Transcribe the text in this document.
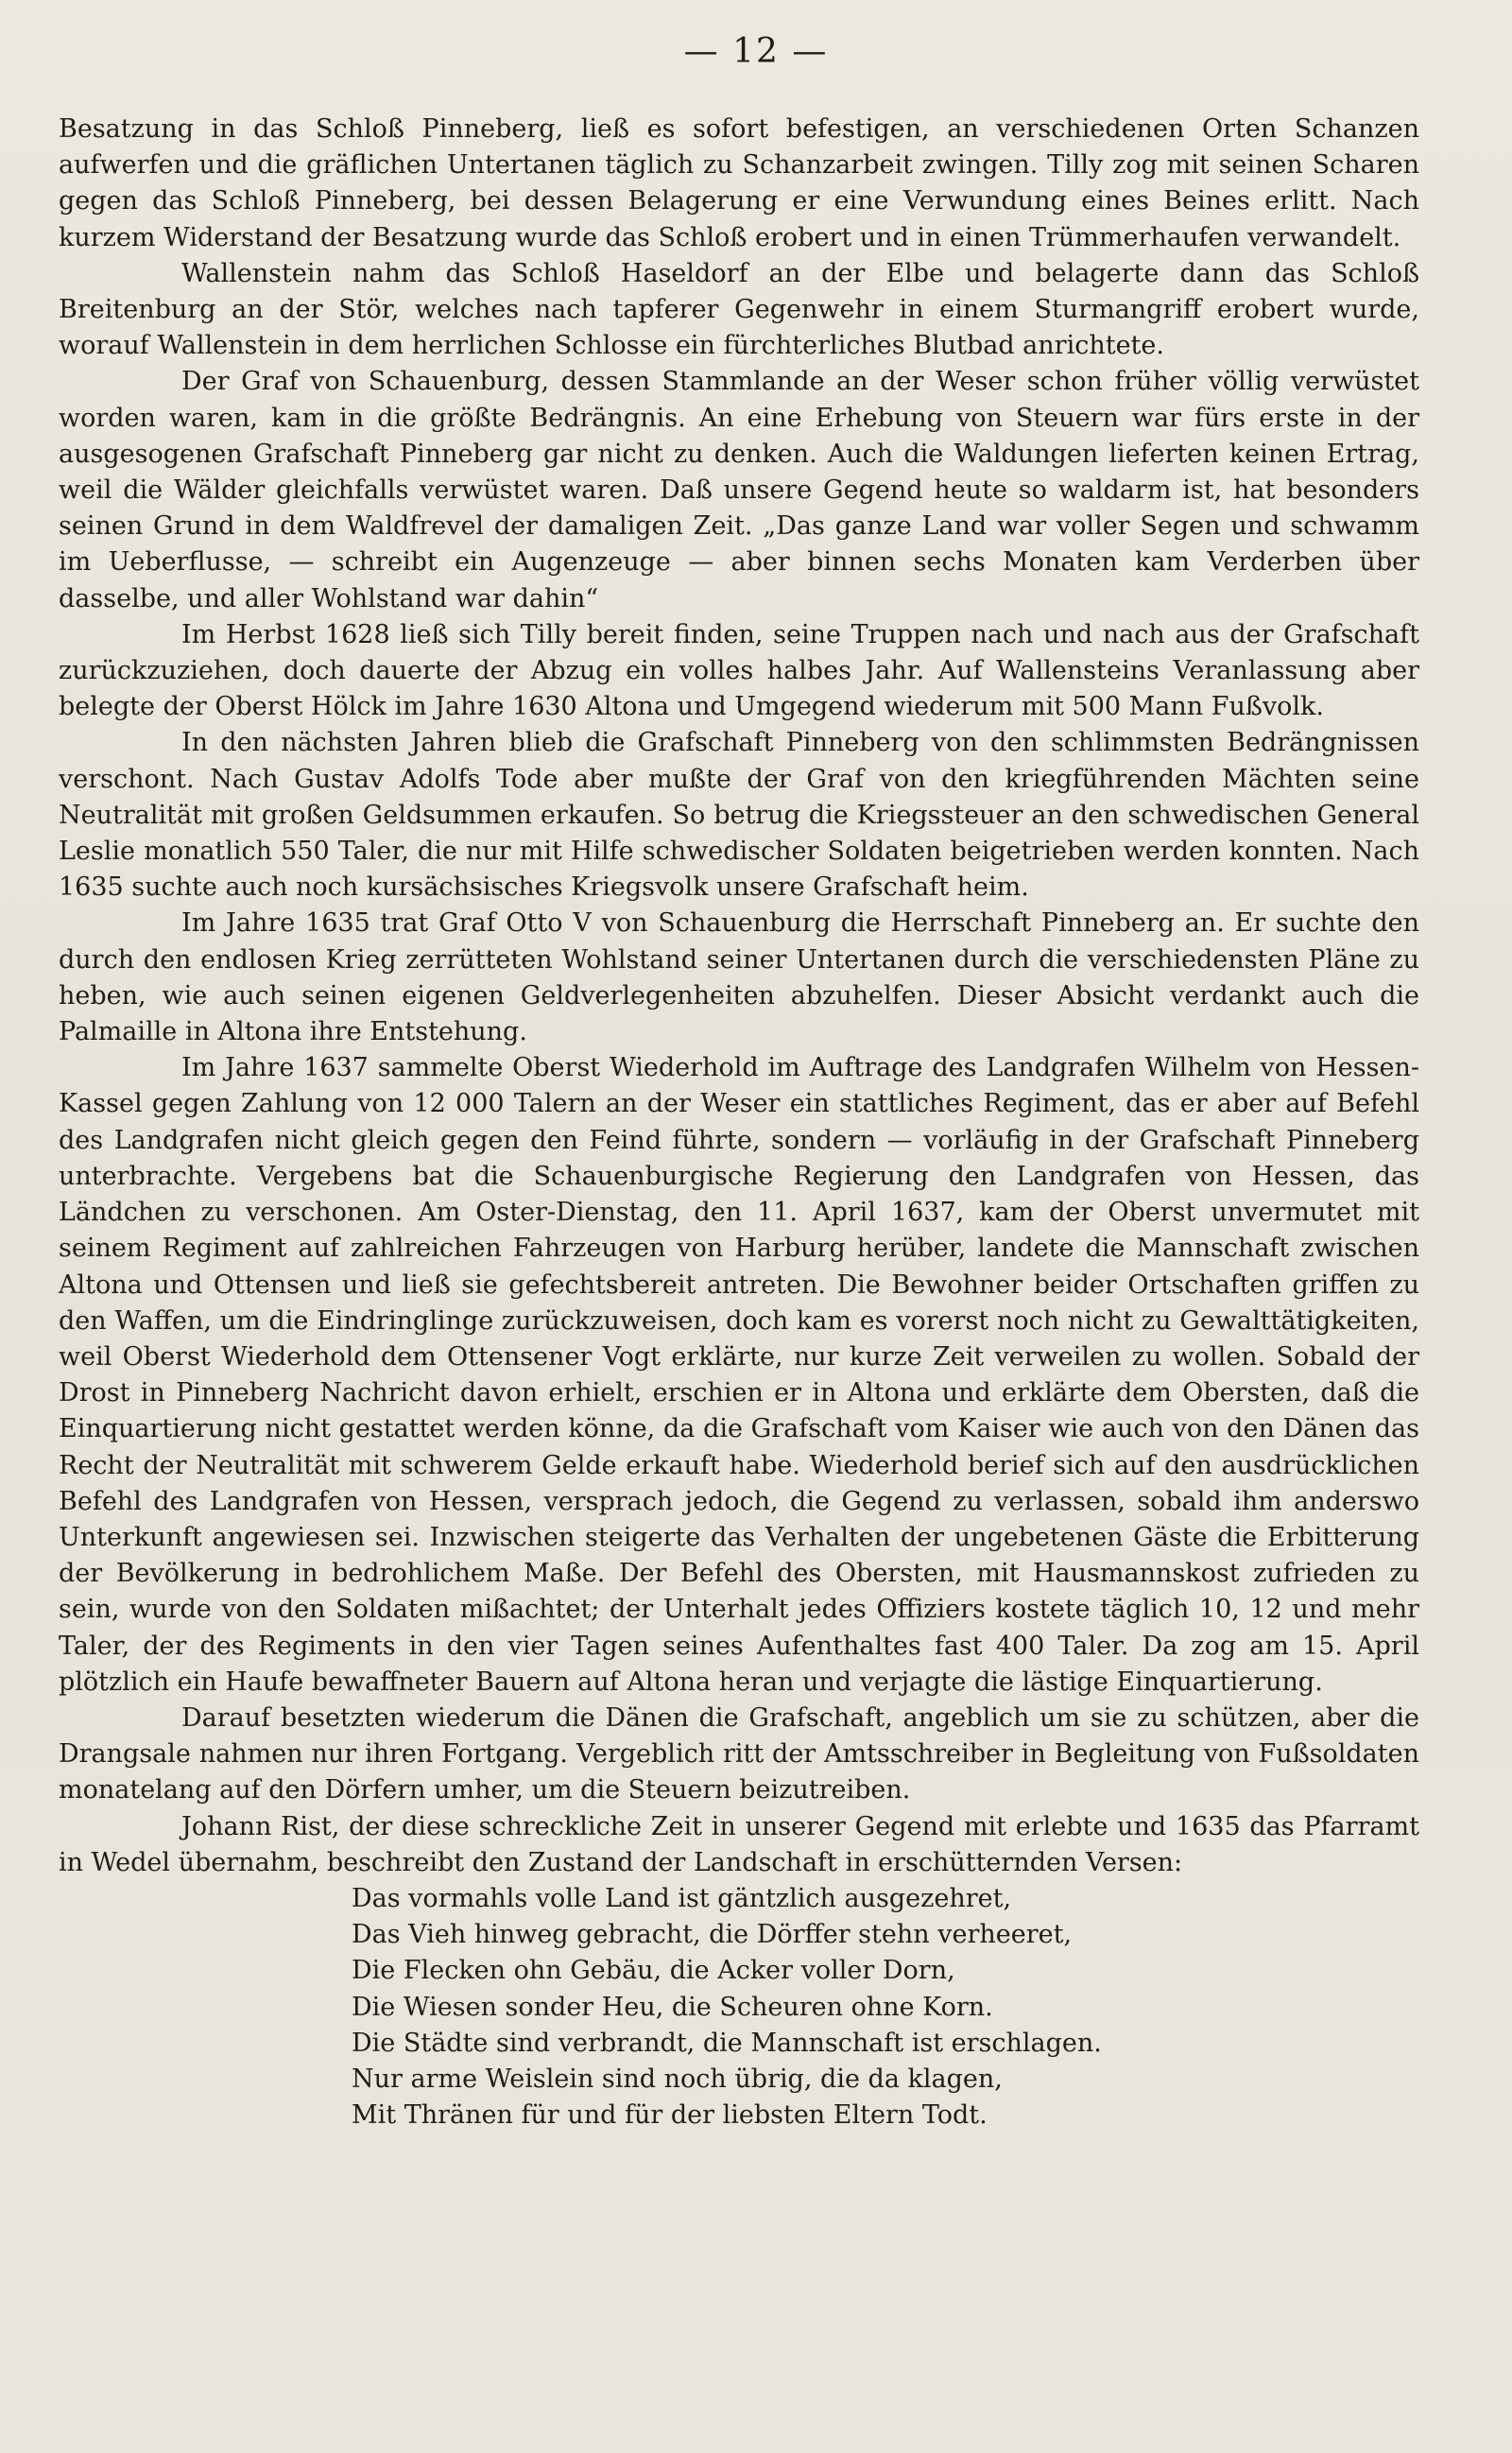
— 12 —

Besatzung in das Schloß Pinneberg, ließ es sofort befestigen, an verschiedenen Orten Schanzen aufwerfen und die gräflichen Untertanen täglich zu Schanzarbeit zwingen. Tilly zog mit seinen Scharen gegen das Schloß Pinneberg, bei dessen Belagerung er eine Verwundung eines Beines erlitt. Nach kurzem Widerstand der Besatzung wurde das Schloß erobert und in einen Trümmerhaufen verwandelt.

Wallenstein nahm das Schloß Haseldorf an der Elbe und belagerte dann das Schloß Breitenburg an der Stör, welches nach tapferer Gegenwehr in einem Sturmangriff erobert wurde, worauf Wallenstein in dem herrlichen Schlosse ein fürchterliches Blutbad anrichtete.

Der Graf von Schauenburg, dessen Stammlande an der Weser schon früher völlig verwüstet worden waren, kam in die größte Bedrängnis. An eine Erhebung von Steuern war fürs erste in der ausgesogenen Grafschaft Pinneberg gar nicht zu denken. Auch die Waldungen lieferten keinen Ertrag, weil die Wälder gleichfalls verwüstet waren. Daß unsere Gegend heute so waldarm ist, hat besonders seinen Grund in dem Waldfrevel der damaligen Zeit. „Das ganze Land war voller Segen und schwamm im Ueberflusse, — schreibt ein Augenzeuge — aber binnen sechs Monaten kam Verderben über dasselbe, und aller Wohlstand war dahin“

Im Herbst 1628 ließ sich Tilly bereit finden, seine Truppen nach und nach aus der Grafschaft zurückzuziehen, doch dauerte der Abzug ein volles halbes Jahr. Auf Wallensteins Veranlassung aber belegte der Oberst Hölck im Jahre 1630 Altona und Umgegend wiederum mit 500 Mann Fußvolk.

In den nächsten Jahren blieb die Grafschaft Pinneberg von den schlimmsten Bedrängnissen verschont. Nach Gustav Adolfs Tode aber mußte der Graf von den kriegführenden Mächten seine Neutralität mit großen Geldsummen erkaufen. So betrug die Kriegssteuer an den schwedischen General Leslie monatlich 550 Taler, die nur mit Hilfe schwedischer Soldaten beigetrieben werden konnten. Nach 1635 suchte auch noch kursächsisches Kriegsvolk unsere Grafschaft heim.

Im Jahre 1635 trat Graf Otto V von Schauenburg die Herrschaft Pinneberg an. Er suchte den durch den endlosen Krieg zerrütteten Wohlstand seiner Untertanen durch die verschiedensten Pläne zu heben, wie auch seinen eigenen Geldverlegenheiten abzuhelfen. Dieser Absicht verdankt auch die Palmaille in Altona ihre Entstehung.

Im Jahre 1637 sammelte Oberst Wiederhold im Auftrage des Landgrafen Wilhelm von Hessen-Kassel gegen Zahlung von 12 000 Talern an der Weser ein stattliches Regiment, das er aber auf Befehl des Landgrafen nicht gleich gegen den Feind führte, sondern — vorläufig in der Grafschaft Pinneberg unterbrachte. Vergebens bat die Schauenburgische Regierung den Landgrafen von Hessen, das Ländchen zu verschonen. Am Oster-Dienstag, den 11. April 1637, kam der Oberst unvermutet mit seinem Regiment auf zahlreichen Fahrzeugen von Harburg herüber, landete die Mannschaft zwischen Altona und Ottensen und ließ sie gefechtsbereit antreten. Die Bewohner beider Ortschaften griffen zu den Waffen, um die Eindringlinge zurückzuweisen, doch kam es vorerst noch nicht zu Gewalttätigkeiten, weil Oberst Wiederhold dem Ottensener Vogt erklärte, nur kurze Zeit verweilen zu wollen. Sobald der Drost in Pinneberg Nachricht davon erhielt, erschien er in Altona und erklärte dem Obersten, daß die Einquartierung nicht gestattet werden könne, da die Grafschaft vom Kaiser wie auch von den Dänen das Recht der Neutralität mit schwerem Gelde erkauft habe. Wiederhold berief sich auf den ausdrücklichen Befehl des Landgrafen von Hessen, versprach jedoch, die Gegend zu verlassen, sobald ihm anderswo Unterkunft angewiesen sei. Inzwischen steigerte das Verhalten der ungebetenen Gäste die Erbitterung der Bevölkerung in bedrohlichem Maße. Der Befehl des Obersten, mit Hausmannskost zufrieden zu sein, wurde von den Soldaten mißachtet; der Unterhalt jedes Offiziers kostete täglich 10, 12 und mehr Taler, der des Regiments in den vier Tagen seines Aufenthaltes fast 400 Taler. Da zog am 15. April plötzlich ein Haufe bewaffneter Bauern auf Altona heran und verjagte die lästige Einquartierung.

Darauf besetzten wiederum die Dänen die Grafschaft, angeblich um sie zu schützen, aber die Drangsale nahmen nur ihren Fortgang. Vergeblich ritt der Amtsschreiber in Begleitung von Fußsoldaten monatelang auf den Dörfern umher, um die Steuern beizutreiben.

Johann Rist, der diese schreckliche Zeit in unserer Gegend mit erlebte und 1635 das Pfarramt in Wedel übernahm, beschreibt den Zustand der Landschaft in erschütternden Versen:

Das vormahls volle Land ist gäntzlich ausgezehret,
Das Vieh hinweg gebracht, die Dörffer stehn verheeret,
Die Flecken ohn Gebäu, die Acker voller Dorn,
Die Wiesen sonder Heu, die Scheuren ohne Korn.
Die Städte sind verbrandt, die Mannschaft ist erschlagen.
Nur arme Weislein sind noch übrig, die da klagen,
Mit Thränen für und für der liebsten Eltern Todt.
